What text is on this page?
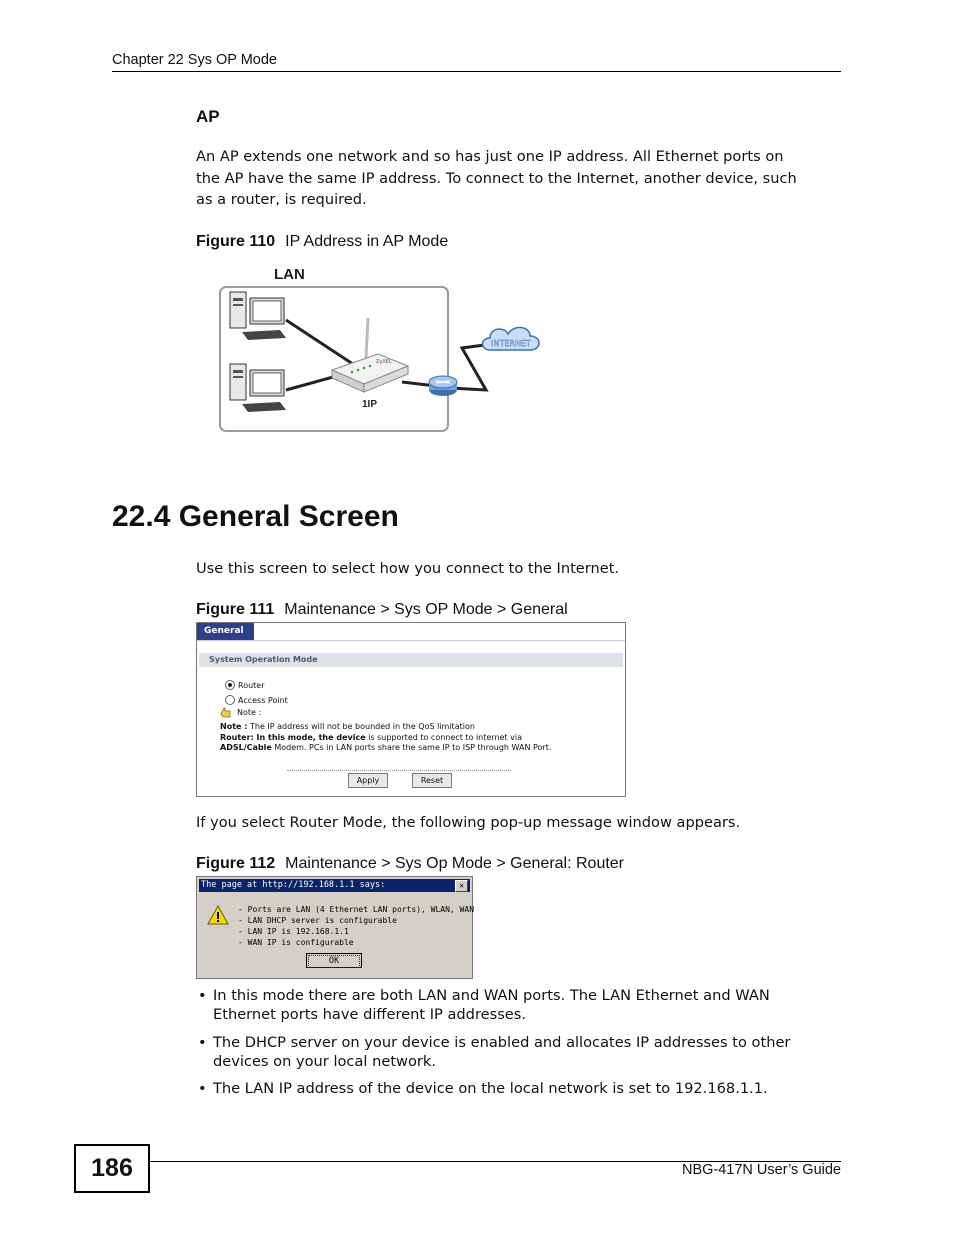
Chapter 22 Sys OP Mode
AP
An AP extends one network and so has just one IP address. All Ethernet ports on
the AP have the same IP address. To connect to the Internet, another device, such
as a router, is required.
Figure 110 IP Address in AP Mode
LAN
ZyXEL
1IP
INTERNET
22.4 General Screen
Use this screen to select how you connect to the Internet.
Figure 111 Maintenance > Sys OP Mode > General
General
System Operation Mode
Router
Access Point
Note :
Note : The IP address will not be bounded in the QoS limitation
Router: In this mode, the device is supported to connect to internet via
ADSL/Cable Modem. PCs in LAN ports share the same IP to ISP through WAN Port.
Apply	Reset
If you select Router Mode, the following pop-up message window appears.
Figure 112 Maintenance > Sys Op Mode > General: Router
The page at http://192.168.1.1 says:	✕
- Ports are LAN (4 Ethernet LAN ports), WLAN, WAN
- LAN DHCP server is configurable
- LAN IP is 192.168.1.1
- WAN IP is configurable
OK
• In this mode there are both LAN and WAN ports. The LAN Ethernet and WAN
Ethernet ports have different IP addresses.
• The DHCP server on your device is enabled and allocates IP addresses to other
devices on your local network.
• The LAN IP address of the device on the local network is set to 192.168.1.1.
186	NBG-417N User’s Guide
